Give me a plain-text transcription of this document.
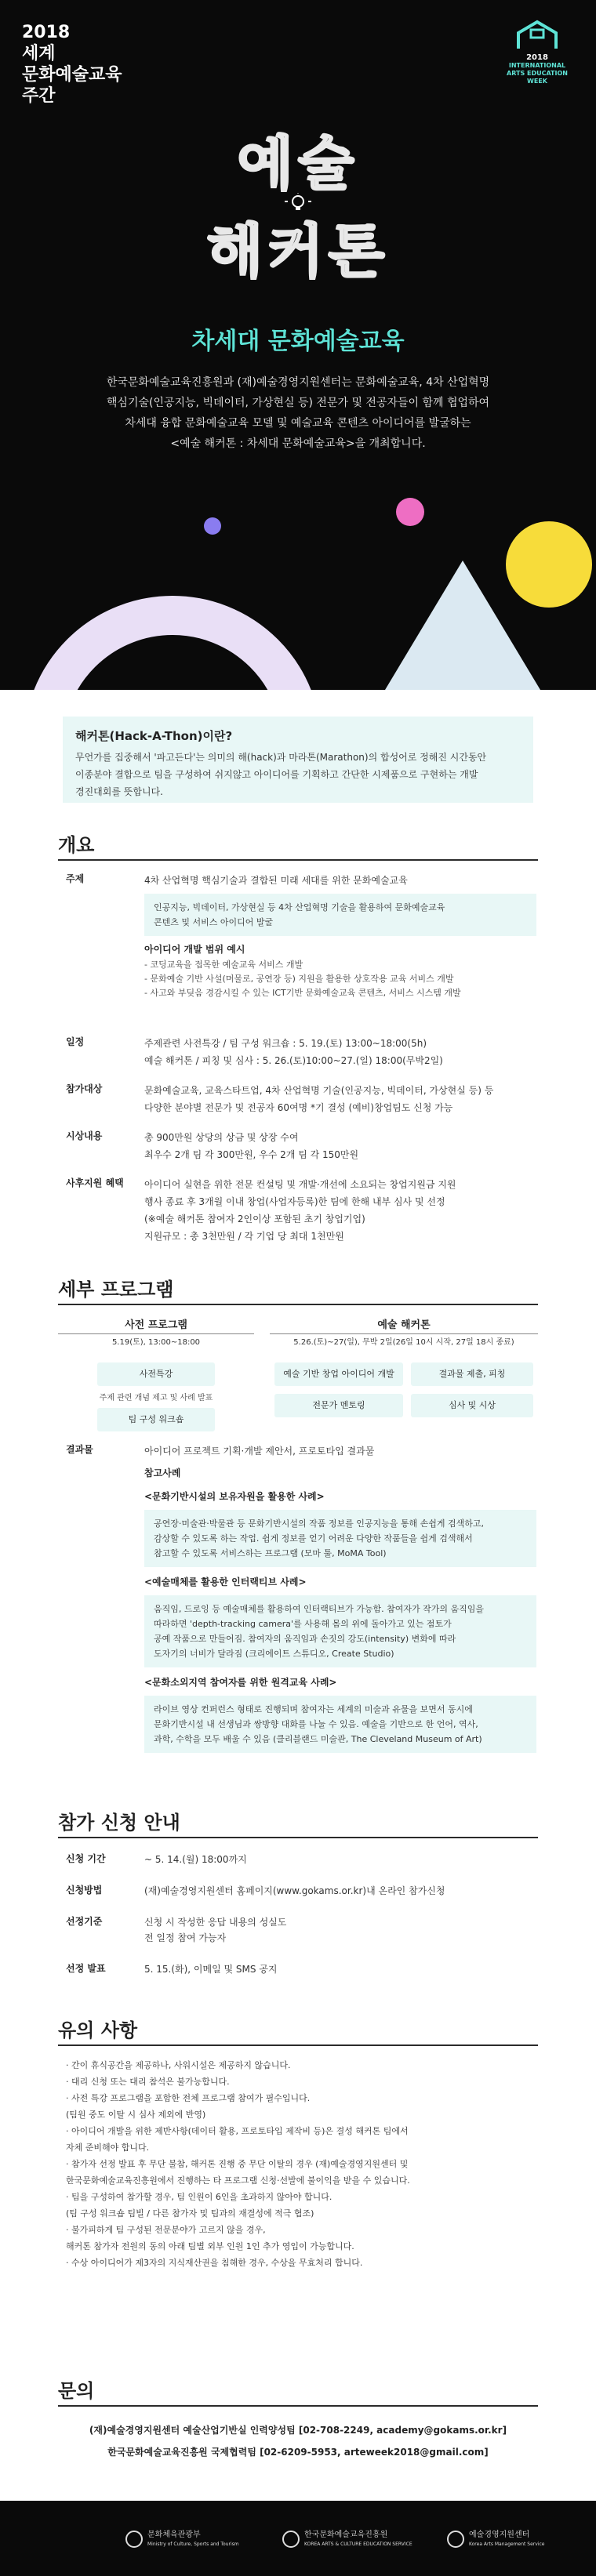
2018
세계
문화예술교육
주간
2018
INTERNATIONAL
ARTS EDUCATION
WEEK
예술
해커톤
차세대 문화예술교육
한국문화예술교육진흥원과 (재)예술경영지원센터는 문화예술교육, 4차 산업혁명
핵심기술(인공지능, 빅데이터, 가상현실 등) 전문가 및 전공자들이 함께 협업하여
차세대 융합 문화예술교육 모델 및 예술교육 콘텐츠 아이디어를 발굴하는
<예술 해커톤 : 차세대 문화예술교육>을 개최합니다.
해커톤(Hack-A-Thon)이란?
무언가를 집중해서 '파고든다'는 의미의 해(hack)과 마라톤(Marathon)의 합성어로 정해진 시간동안
이종분야 결합으로 팀을 구성하여 쉬지않고 아이디어를 기획하고 간단한 시제품으로 구현하는 개발
경진대회를 뜻합니다.
개요
주제	4차 산업혁명 핵심기술과 결합된 미래 세대를 위한 문화예술교육
인공지능, 빅데이터, 가상현실 등 4차 산업혁명 기술을 활용하여 문화예술교육
콘텐츠 및 서비스 아이디어 발굴
아이디어 개발 범위 예시
- 코딩교육을 접목한 예술교육 서비스 개발
- 문화예술 기반 사설(머물로, 공연장 등) 지원을 활용한 상호작용 교육 서비스 개발
- 사고와 부딪음 경감시킬 수 있는 ICT기반 문화예술교육 콘텐츠, 서비스 시스템 개발
일정	주제관련 사전특강 / 팀 구성 워크숍 : 5. 19.(토) 13:00~18:00(5h)
예술 해커톤 / 피칭 및 심사 : 5. 26.(토)10:00~27.(일) 18:00(무박2일)
참가대상	문화예술교육, 교육스타트업, 4차 산업혁명 기술(인공지능, 빅데이터, 가상현실 등) 등
다양한 분야별 전문가 및 전공자 60여명 *기 결성 (예비)창업팀도 신청 가능
시상내용	총 900만원 상당의 상금 및 상장 수여
최우수 2개 팀 각 300만원, 우수 2개 팀 각 150만원
사후지원 혜택	아이디어 실현을 위한 전문 컨설팅 및 개발·개선에 소요되는 창업지원금 지원
행사 종료 후 3개월 이내 창업(사업자등록)한 팀에 한해 내부 심사 및 선정
(※예술 해커톤 참여자 2인이상 포함된 초기 창업기업)
지원규모 : 총 3천만원 / 각 기업 당 최대 1천만원
세부 프로그램
사전 프로그램
5.19(토), 13:00~18:00
사전특강
주제 관련 개념 제고 및 사례 발표
팀 구성 워크숍
예술 해커톤
5.26.(토)~27(일), 무박 2일(26일 10시 시작, 27일 18시 종료)
예술 기반 창업 아이디어 개발	결과물 제출, 피칭
전문가 멘토링	심사 및 시상
결과물	아이디어 프로젝트 기획·개발 제안서, 프로토타입 결과물
참고사례
<문화기반시설의 보유자원을 활용한 사례>
공연장·미술관·박물관 등 문화기반시설의 작품 정보를 인공지능을 통해 손쉽게 검색하고,
감상할 수 있도록 하는 작업. 쉽게 정보를 얻기 어려운 다양한 작품들을 쉽게 검색해서
참고할 수 있도록 서비스하는 프로그램 (모마 툴, MoMA Tool)
<예술매체를 활용한 인터랙티브 사례>
움직임, 드로잉 등 예술매체를 활용하여 인터랙티브가 가능함. 참여자가 작가의 움직임을
따라하면 'depth-tracking camera'를 사용해 몸의 위에 돌아가고 있는 점토가
공예 작품으로 만들어짐. 참여자의 움직임과 손짓의 강도(intensity) 변화에 따라
도자기의 너비가 달라짐 (크리에이트 스튜디오, Create Studio)
<문화소외지역 참여자를 위한 원격교육 사례>
라이브 영상 컨퍼런스 형태로 진행되며 참여자는 세계의 미술과 유물을 보면서 동시에
문화기반시설 내 선생님과 쌍방향 대화를 나눌 수 있음. 예술을 기반으로 한 언어, 역사,
과학, 수학을 모두 배울 수 있음 (클리블랜드 미술관, The Cleveland Museum of Art)
참가 신청 안내
신청 기간	~ 5. 14.(월) 18:00까지
신청방법	(재)예술경영지원센터 홈페이지(www.gokams.or.kr)내 온라인 참가신청
선정기준	신청 시 작성한 응답 내용의 성실도
전 일정 참여 가능자
선정 발표	5. 15.(화), 이메일 및 SMS 공지
유의 사항
· 간이 휴식공간을 제공하나, 사워시설은 제공하지 않습니다.
· 대리 신청 또는 대리 참석은 불가능합니다.
· 사전 특강 프로그램을 포함한 전체 프로그램 참여가 필수입니다.
(팀원 중도 이탈 시 심사 제외에 반영)
· 아이디어 개발을 위한 제반사항(데이터 활용, 프로토타입 제작비 등)은 결성 해커톤 팀에서
자체 준비해야 합니다.
· 참가자 선정 발표 후 무단 불참, 해커톤 진행 중 무단 이탈의 경우 (재)예술경영지원센터 및
한국문화예술교육진흥원에서 진행하는 타 프로그램 신청·선발에 불이익을 받을 수 있습니다.
· 팀을 구성하여 참가할 경우, 팀 인원이 6인을 초과하지 않아야 합니다.
(팀 구성 워크숍 팀빌 / 다른 참가자 및 팀과의 재결성에 적극 협조)
· 불가피하게 팀 구성된 전문분야가 고르지 않을 경우,
해커톤 참가자 전원의 동의 아래 팀별 외부 인원 1인 추가 영입이 가능합니다.
· 수상 아이디어가 제3자의 지식재산권을 침해한 경우, 수상을 무효처리 합니다.
문의
(재)예술경영지원센터 예술산업기반실 인력양성팀 [02-708-2249, academy@gokams.or.kr]
한국문화예술교육진흥원 국제협력팀 [02-6209-5953, arteweek2018@gmail.com]
문화체육관광부
Ministry of Culture, Sports and Tourism
한국문화예술교육진흥원
KOREA ARTS & CULTURE EDUCATION SERVICE
예술경영지원센터
Korea Arts Management Service
